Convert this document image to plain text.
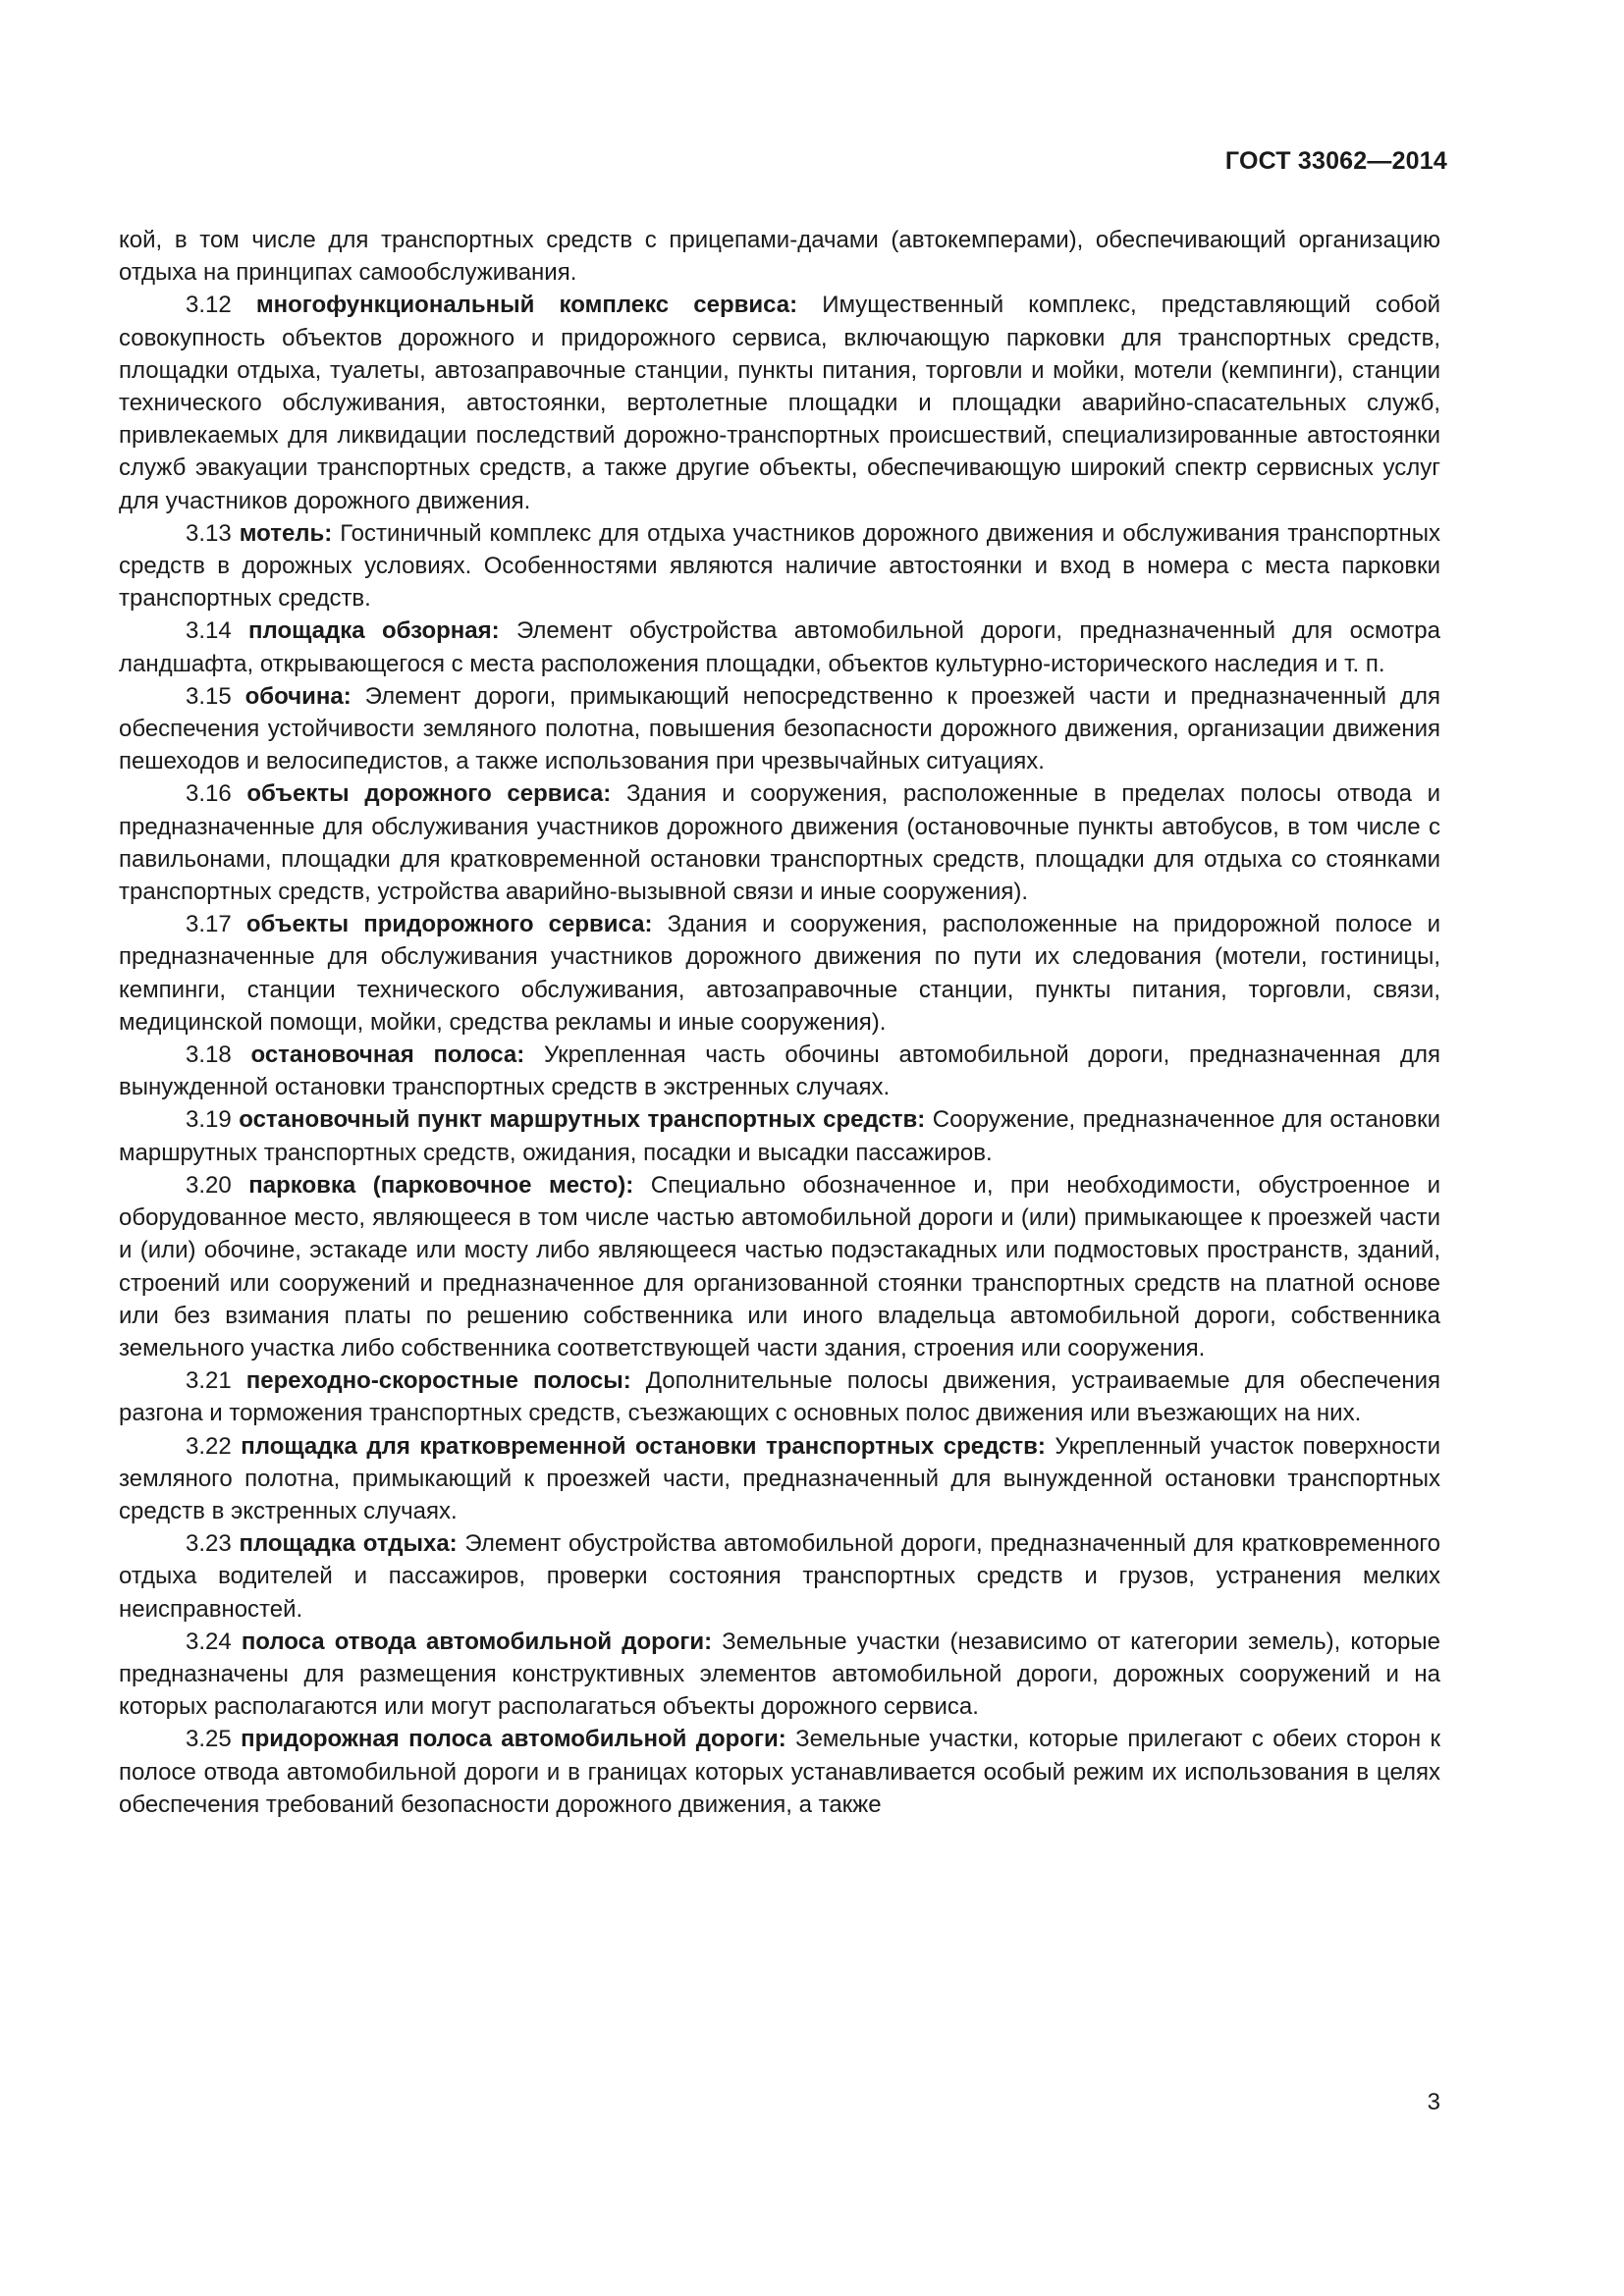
ГОСТ 33062—2014

кой, в том числе для транспортных средств с прицепами-дачами (автокемперами), обеспечивающий организацию отдыха на принципах самообслуживания.

3.12 многофункциональный комплекс сервиса: Имущественный комплекс, представляющий собой совокупность объектов дорожного и придорожного сервиса, включающую парковки для транспортных средств, площадки отдыха, туалеты, автозаправочные станции, пункты питания, торговли и мойки, мотели (кемпинги), станции технического обслуживания, автостоянки, вертолетные площадки и площадки аварийно-спасательных служб, привлекаемых для ликвидации последствий дорожно-транспортных происшествий, специализированные автостоянки служб эвакуации транспортных средств, а также другие объекты, обеспечивающую широкий спектр сервисных услуг для участников дорожного движения.

3.13 мотель: Гостиничный комплекс для отдыха участников дорожного движения и обслуживания транспортных средств в дорожных условиях. Особенностями являются наличие автостоянки и вход в номера с места парковки транспортных средств.

3.14 площадка обзорная: Элемент обустройства автомобильной дороги, предназначенный для осмотра ландшафта, открывающегося с места расположения площадки, объектов культурно-исторического наследия и т. п.

3.15 обочина: Элемент дороги, примыкающий непосредственно к проезжей части и предназначенный для обеспечения устойчивости земляного полотна, повышения безопасности дорожного движения, организации движения пешеходов и велосипедистов, а также использования при чрезвычайных ситуациях.

3.16 объекты дорожного сервиса: Здания и сооружения, расположенные в пределах полосы отвода и предназначенные для обслуживания участников дорожного движения (остановочные пункты автобусов, в том числе с павильонами, площадки для кратковременной остановки транспортных средств, площадки для отдыха со стоянками транспортных средств, устройства аварийно-вызывной связи и иные сооружения).

3.17 объекты придорожного сервиса: Здания и сооружения, расположенные на придорожной полосе и предназначенные для обслуживания участников дорожного движения по пути их следования (мотели, гостиницы, кемпинги, станции технического обслуживания, автозаправочные станции, пункты питания, торговли, связи, медицинской помощи, мойки, средства рекламы и иные сооружения).

3.18 остановочная полоса: Укрепленная часть обочины автомобильной дороги, предназначенная для вынужденной остановки транспортных средств в экстренных случаях.

3.19 остановочный пункт маршрутных транспортных средств: Сооружение, предназначенное для остановки маршрутных транспортных средств, ожидания, посадки и высадки пассажиров.

3.20 парковка (парковочное место): Специально обозначенное и, при необходимости, обустроенное и оборудованное место, являющееся в том числе частью автомобильной дороги и (или) примыкающее к проезжей части и (или) обочине, эстакаде или мосту либо являющееся частью подэстакадных или подмостовых пространств, зданий, строений или сооружений и предназначенное для организованной стоянки транспортных средств на платной основе или без взимания платы по решению собственника или иного владельца автомобильной дороги, собственника земельного участка либо собственника соответствующей части здания, строения или сооружения.

3.21 переходно-скоростные полосы: Дополнительные полосы движения, устраиваемые для обеспечения разгона и торможения транспортных средств, съезжающих с основных полос движения или въезжающих на них.

3.22 площадка для кратковременной остановки транспортных средств: Укрепленный участок поверхности земляного полотна, примыкающий к проезжей части, предназначенный для вынужденной остановки транспортных средств в экстренных случаях.

3.23 площадка отдыха: Элемент обустройства автомобильной дороги, предназначенный для кратковременного отдыха водителей и пассажиров, проверки состояния транспортных средств и грузов, устранения мелких неисправностей.

3.24 полоса отвода автомобильной дороги: Земельные участки (независимо от категории земель), которые предназначены для размещения конструктивных элементов автомобильной дороги, дорожных сооружений и на которых располагаются или могут располагаться объекты дорожного сервиса.

3.25 придорожная полоса автомобильной дороги: Земельные участки, которые прилегают с обеих сторон к полосе отвода автомобильной дороги и в границах которых устанавливается особый режим их использования в целях обеспечения требований безопасности дорожного движения, а также

3
